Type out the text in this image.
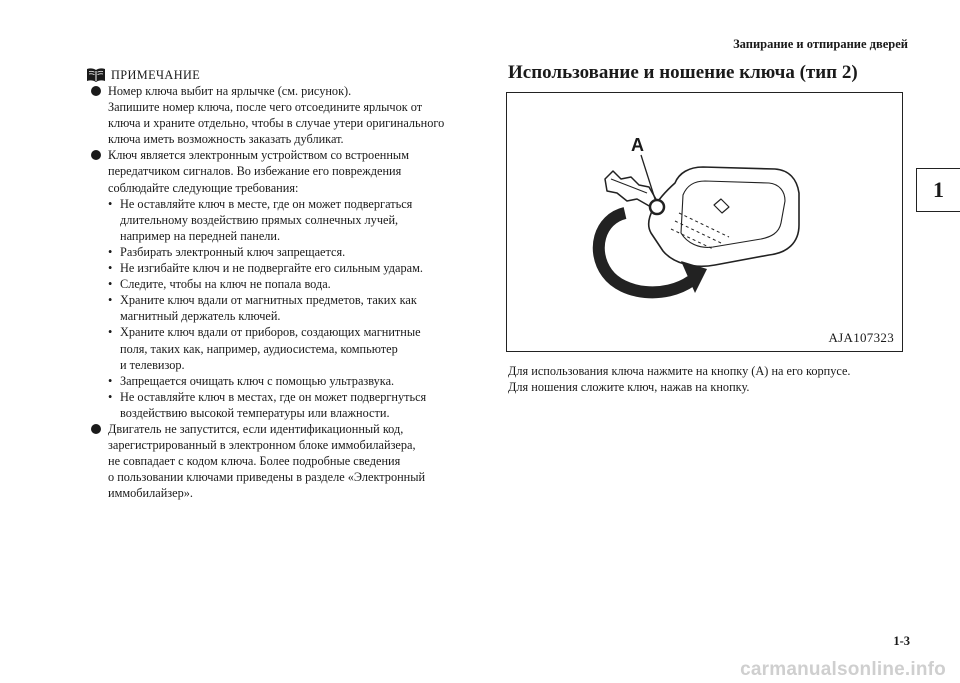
Запирание и отпирание дверей
1
ПРИМЕЧАНИЕ
Номер ключа выбит на ярлычке (см. рисунок).
Запишите номер ключа, после чего отсоедините ярлычок от
ключа и храните отдельно, чтобы в случае утери оригинального
ключа иметь возможность заказать дубликат.
Ключ является электронным устройством со встроенным
передатчиком сигналов. Во избежание его повреждения
соблюдайте следующие требования:
• Не оставляйте ключ в месте, где он может подвергаться
длительному воздействию прямых солнечных лучей,
например на передней панели.
• Разбирать электронный ключ запрещается.
• Не изгибайте ключ и не подвергайте его сильным ударам.
• Следите, чтобы на ключ не попала вода.
• Храните ключ вдали от магнитных предметов, таких как
магнитный держатель ключей.
• Храните ключ вдали от приборов, создающих магнитные
поля, таких как, например, аудиосистема, компьютер
и телевизор.
• Запрещается очищать ключ с помощью ультразвука.
• Не оставляйте ключ в местах, где он может подвергнуться
воздействию высокой температуры или влажности.
Двигатель не запустится, если идентификационный код,
зарегистрированный в электронном блоке иммобилайзера,
не совпадает с кодом ключа. Более подробные сведения
о пользовании ключами приведены в разделе «Электронный
иммобилайзер».
Использование и ношение ключа (тип 2)
A
AJA107323

Для использования ключа нажмите на кнопку (A) на его корпусе.

Для ношения сложите ключ, нажав на кнопку.

1-3
carmanualsonline.info
